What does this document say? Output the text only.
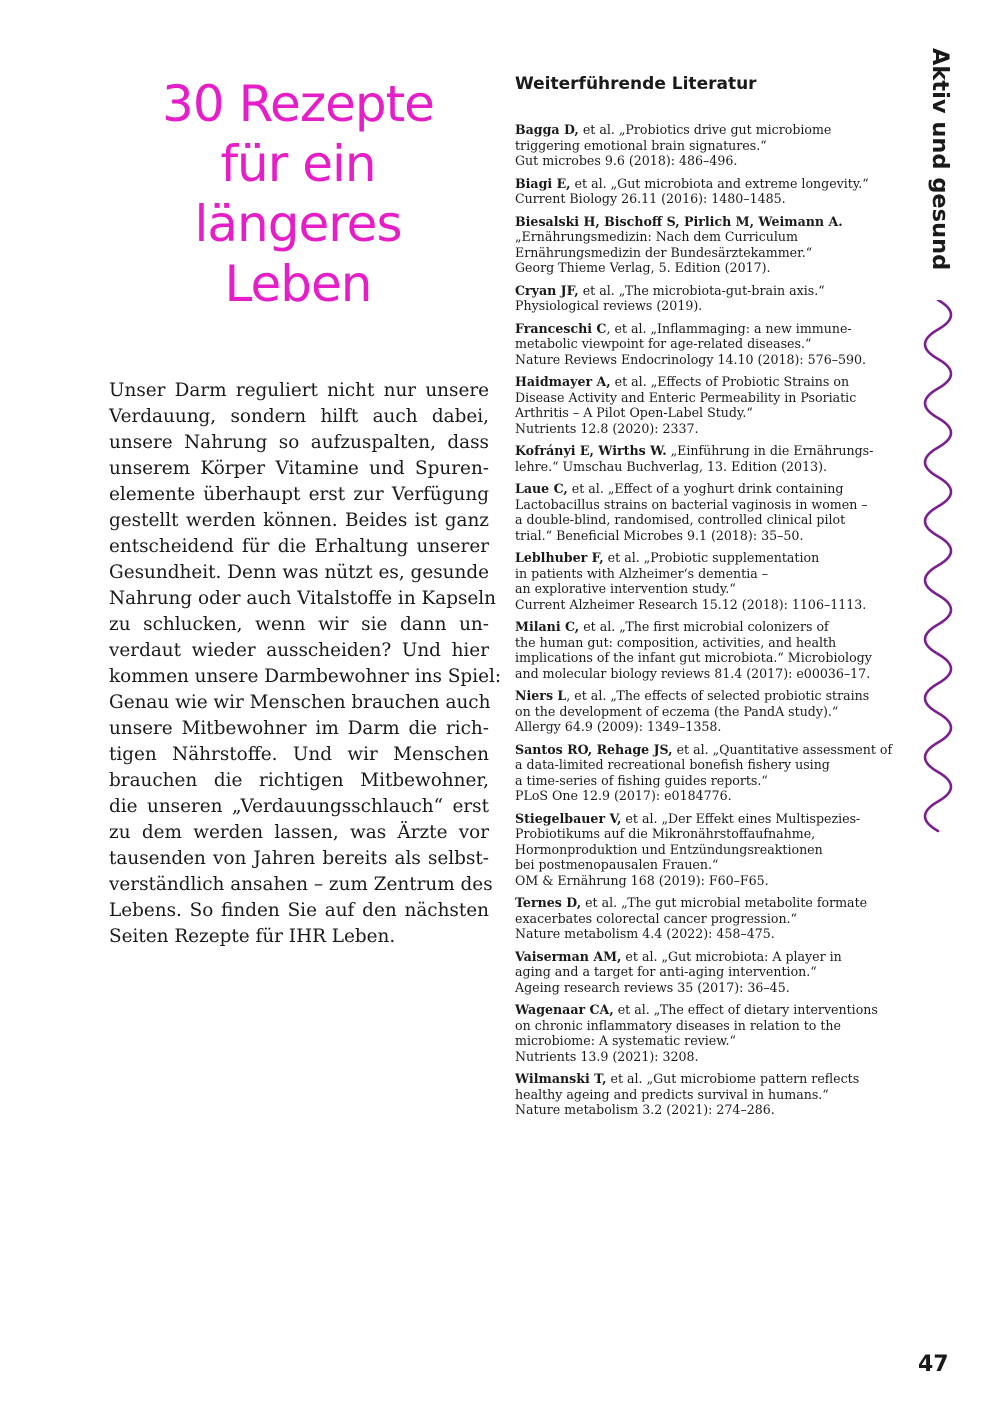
30 Rezepte
für ein
längeres
Leben
Unser Darm reguliert nicht nur unsere
Verdauung, sondern hilft auch dabei,
unsere Nahrung so aufzuspalten, dass
unserem Körper Vitamine und Spuren-
elemente überhaupt erst zur Verfügung
gestellt werden können. Beides ist ganz
entscheidend für die Erhaltung unserer
Gesundheit. Denn was nützt es, gesunde
Nahrung oder auch Vitalstoffe in Kapseln
zu schlucken, wenn wir sie dann un-
verdaut wieder ausscheiden? Und hier
kommen unsere Darmbewohner ins Spiel:
Genau wie wir Menschen brauchen auch
unsere Mitbewohner im Darm die rich-
tigen Nährstoffe. Und wir Menschen
brauchen die richtigen Mitbewohner,
die unseren „Verdauungsschlauch“ erst
zu dem werden lassen, was Ärzte vor
tausenden von Jahren bereits als selbst-
verständlich ansahen – zum Zentrum des
Lebens. So finden Sie auf den nächsten
Seiten Rezepte für IHR Leben.
Weiterführende Literatur
Bagga D, et al. „Probiotics drive gut microbiome
triggering emotional brain signatures.“
Gut microbes 9.6 (2018): 486–496.
Biagi E, et al. „Gut microbiota and extreme longevity.“
Current Biology 26.11 (2016): 1480–1485.
Biesalski H, Bischoff S, Pirlich M, Weimann A.
„Ernährungsmedizin: Nach dem Curriculum
Ernährungsmedizin der Bundesärztekammer.“
Georg Thieme Verlag, 5. Edition (2017).
Cryan JF, et al. „The microbiota-gut-brain axis.“
Physiological reviews (2019).
Franceschi C, et al. „Inflammaging: a new immune-
metabolic viewpoint for age-related diseases.“
Nature Reviews Endocrinology 14.10 (2018): 576–590.
Haidmayer A, et al. „Effects of Probiotic Strains on
Disease Activity and Enteric Permeability in Psoriatic
Arthritis – A Pilot Open-Label Study.“
Nutrients 12.8 (2020): 2337.
Kofrányi E, Wirths W. „Einführung in die Ernährungs-
lehre.“ Umschau Buchverlag, 13. Edition (2013).
Laue C, et al. „Effect of a yoghurt drink containing
Lactobacillus strains on bacterial vaginosis in women –
a double-blind, randomised, controlled clinical pilot
trial.“ Beneficial Microbes 9.1 (2018): 35–50.
Leblhuber F, et al. „Probiotic supplementation
in patients with Alzheimer‘s dementia –
an explorative intervention study.“
Current Alzheimer Research 15.12 (2018): 1106–1113.
Milani C, et al. „The first microbial colonizers of
the human gut: composition, activities, and health
implications of the infant gut microbiota.“ Microbiology
and molecular biology reviews 81.4 (2017): e00036–17.
Niers L, et al. „The effects of selected probiotic strains
on the development of eczema (the PandA study).“
Allergy 64.9 (2009): 1349–1358.
Santos RO, Rehage JS, et al. „Quantitative assessment of
a data-limited recreational bonefish fishery using
a time-series of fishing guides reports.“
PLoS One 12.9 (2017): e0184776.
Stiegelbauer V, et al. „Der Effekt eines Multispezies-
Probiotikums auf die Mikronährstoffaufnahme,
Hormonproduktion und Entzündungsreaktionen
bei postmenopausalen Frauen.“
OM & Ernährung 168 (2019): F60–F65.
Ternes D, et al. „The gut microbial metabolite formate
exacerbates colorectal cancer progression.“
Nature metabolism 4.4 (2022): 458–475.
Vaiserman AM, et al. „Gut microbiota: A player in
aging and a target for anti-aging intervention.“
Ageing research reviews 35 (2017): 36–45.
Wagenaar CA, et al. „The effect of dietary interventions
on chronic inflammatory diseases in relation to the
microbiome: A systematic review.“
Nutrients 13.9 (2021): 3208.
Wilmanski T, et al. „Gut microbiome pattern reflects
healthy ageing and predicts survival in humans.“
Nature metabolism 3.2 (2021): 274–286.
Aktiv und gesund
47
